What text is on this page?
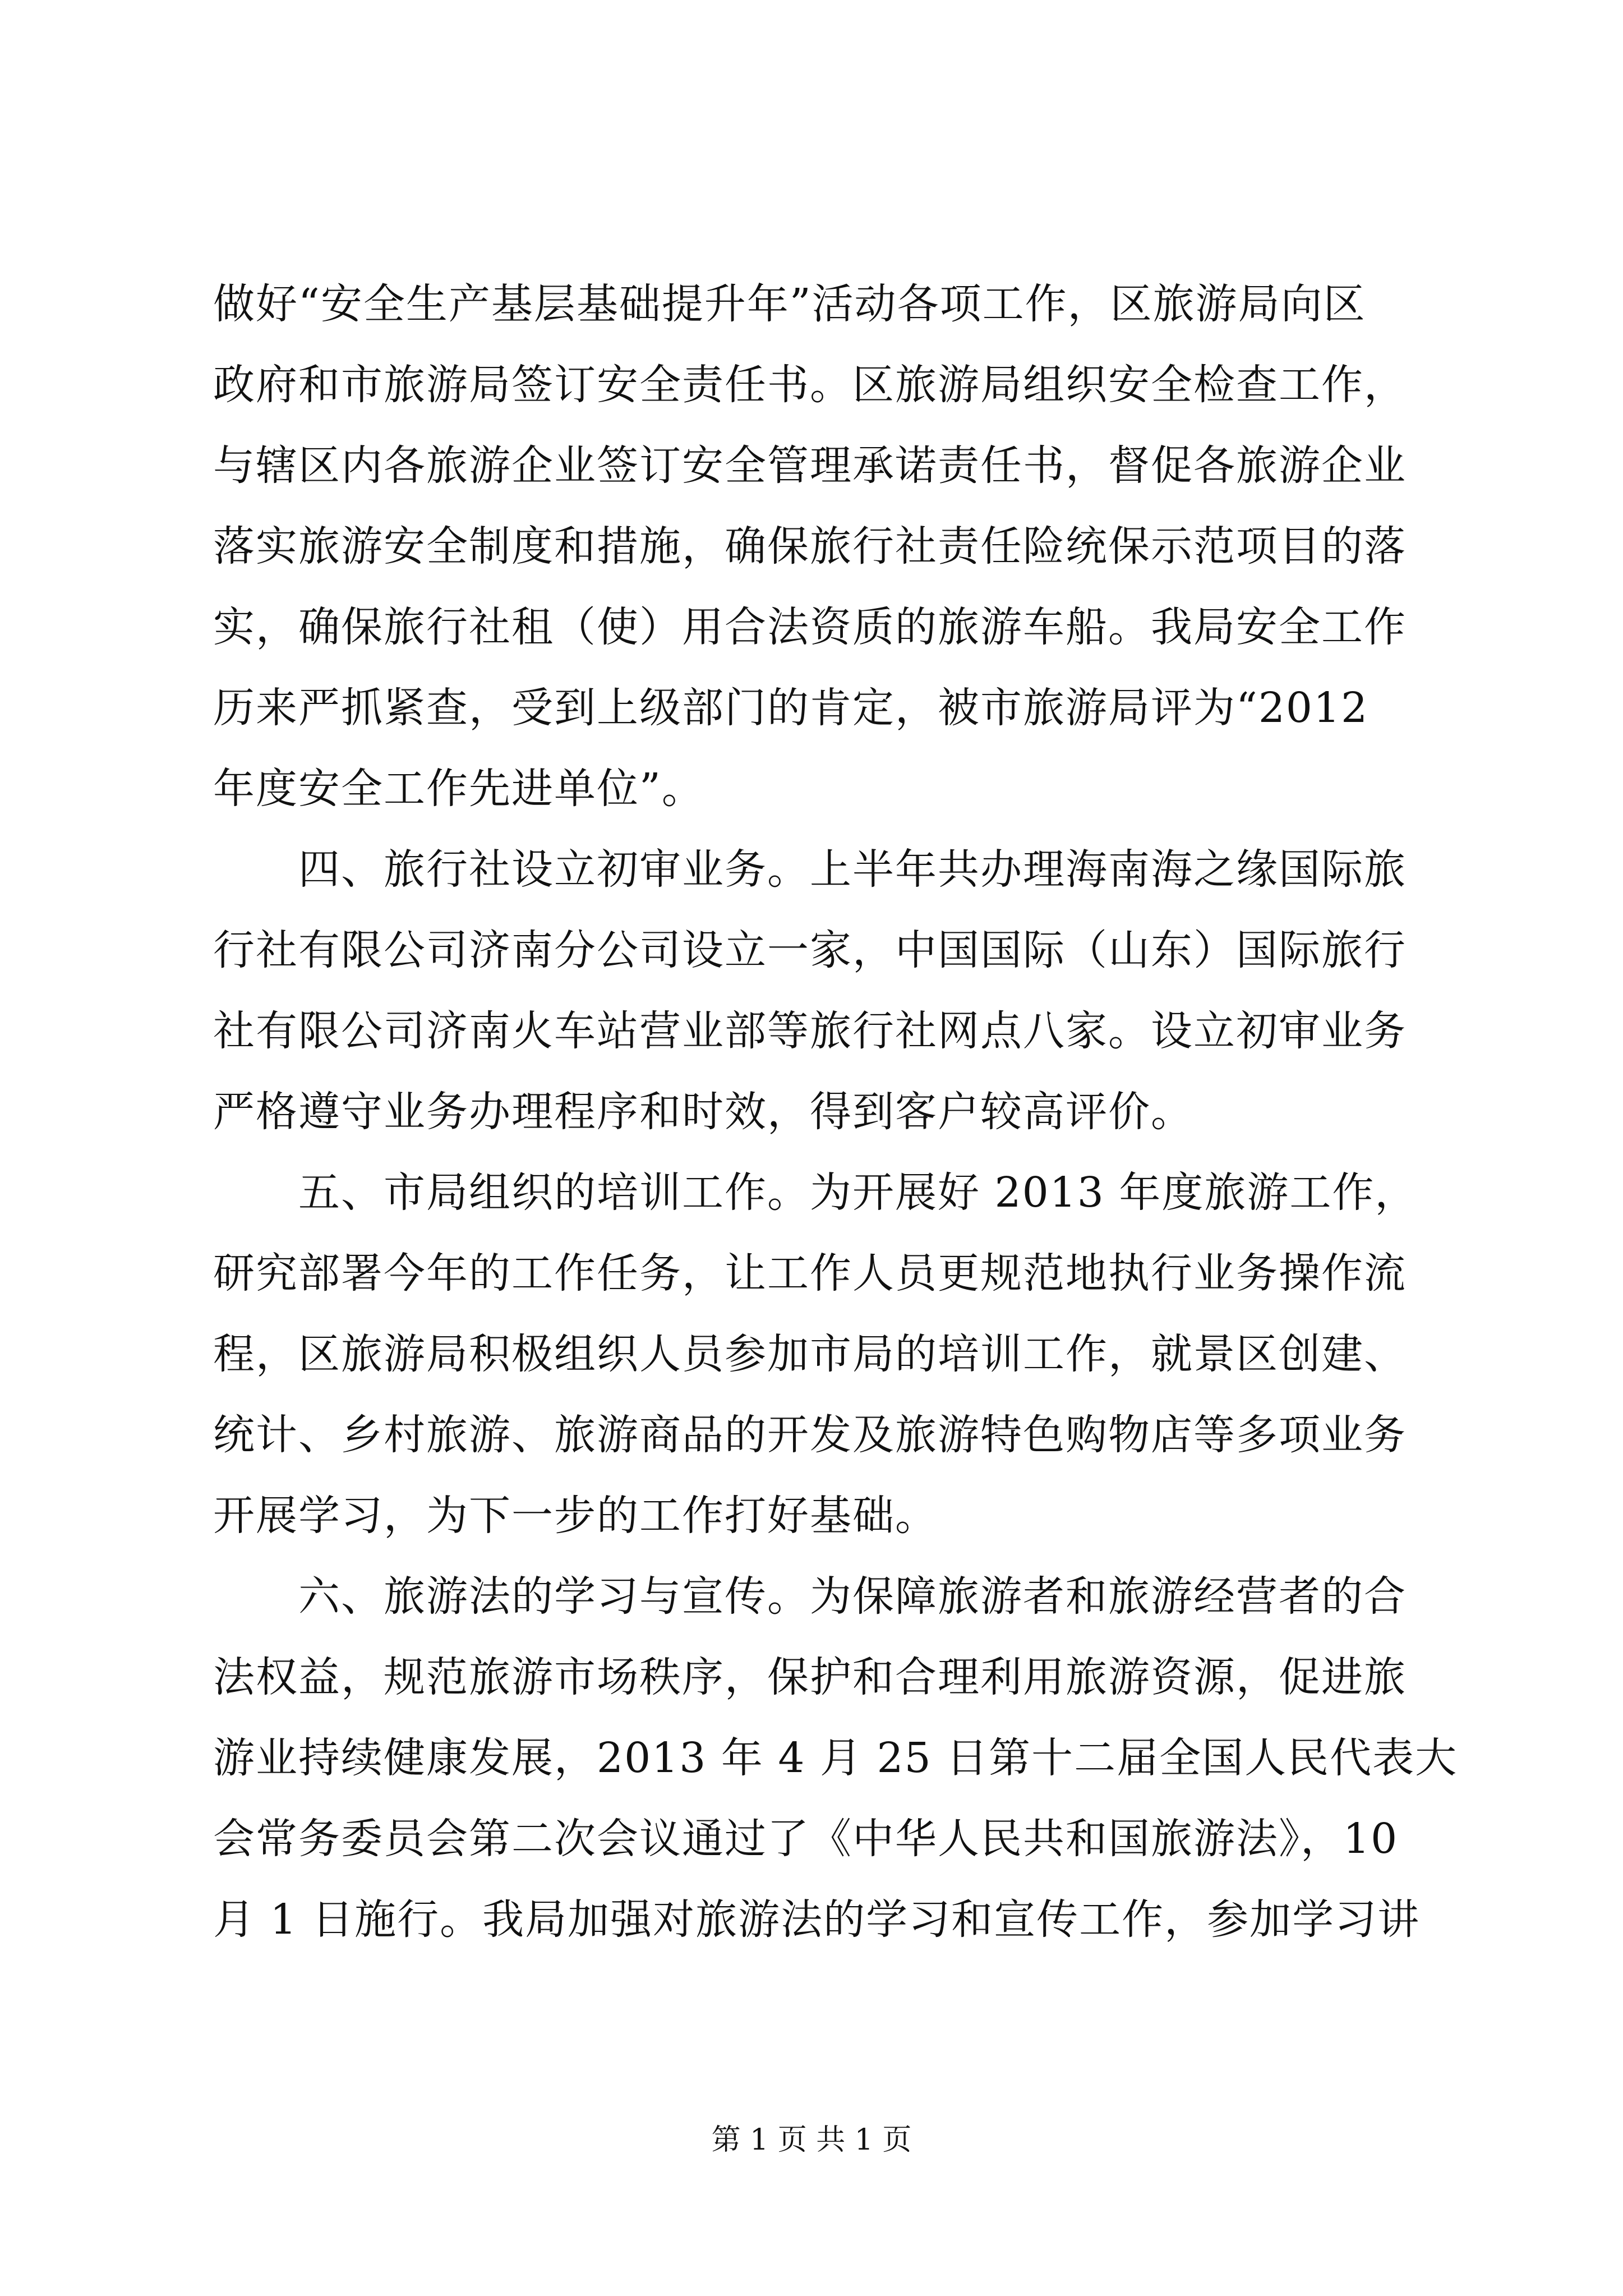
做好“安全生产基层基础提升年”活动各项工作，区旅游局向区
政府和市旅游局签订安全责任书。区旅游局组织安全检查工作，
与辖区内各旅游企业签订安全管理承诺责任书，督促各旅游企业
落实旅游安全制度和措施，确保旅行社责任险统保示范项目的落
实，确保旅行社租（使）用合法资质的旅游车船。我局安全工作
历来严抓紧查，受到上级部门的肯定，被市旅游局评为“2012
年度安全工作先进单位”。
　　四、旅行社设立初审业务。上半年共办理海南海之缘国际旅
行社有限公司济南分公司设立一家，中国国际（山东）国际旅行
社有限公司济南火车站营业部等旅行社网点八家。设立初审业务
严格遵守业务办理程序和时效，得到客户较高评价。
　　五、市局组织的培训工作。为开展好 2013 年度旅游工作，
研究部署今年的工作任务，让工作人员更规范地执行业务操作流
程，区旅游局积极组织人员参加市局的培训工作，就景区创建、
统计、乡村旅游、旅游商品的开发及旅游特色购物店等多项业务
开展学习，为下一步的工作打好基础。
　　六、旅游法的学习与宣传。为保障旅游者和旅游经营者的合
法权益，规范旅游市场秩序，保护和合理利用旅游资源，促进旅
游业持续健康发展，2013 年 4 月 25 日第十二届全国人民代表大
会常务委员会第二次会议通过了《中华人民共和国旅游法》，10
月 1 日施行。我局加强对旅游法的学习和宣传工作，参加学习讲
第 1 页 共 1 页
